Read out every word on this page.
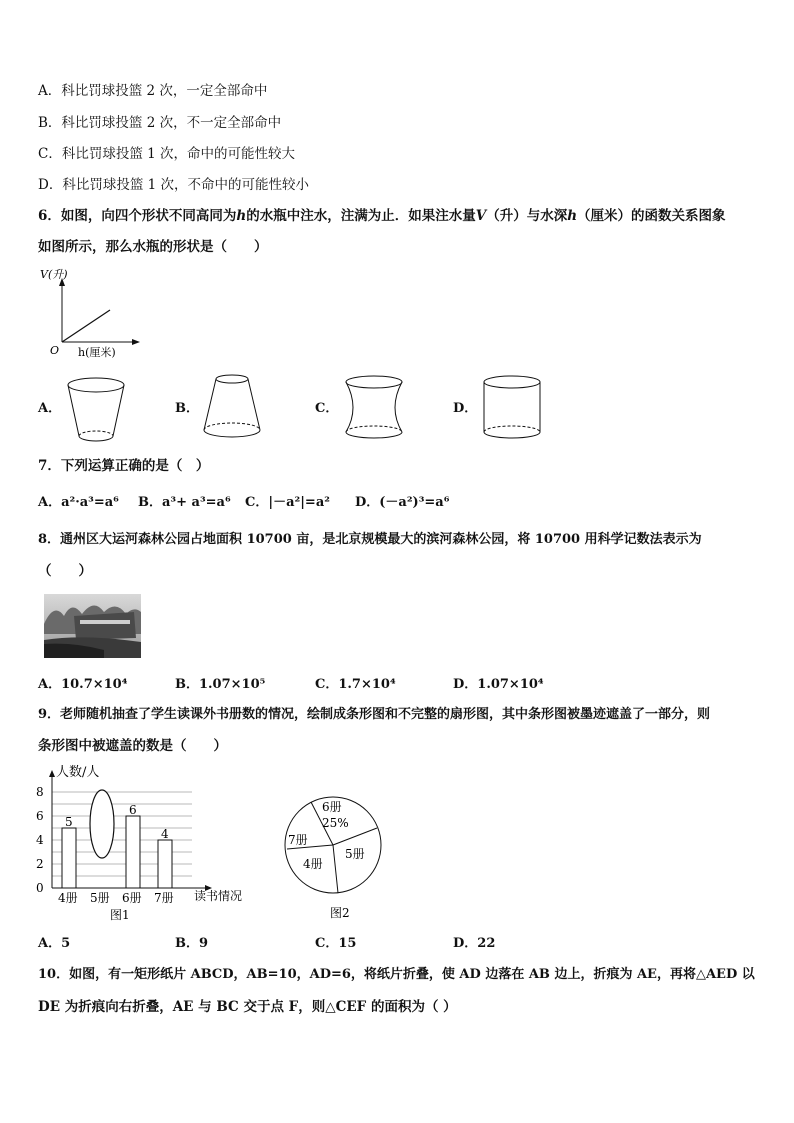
A．科比罚球投篮 2 次，一定全部命中
B．科比罚球投篮 2 次，不一定全部命中
C．科比罚球投篮 1 次，命中的可能性较大
D．科比罚球投篮 1 次，不命中的可能性较小
6．如图，向四个形状不同高同为h的水瓶中注水，注满为止．如果注水量V（升）与水深h（厘米）的函数关系图象
如图所示，那么水瓶的形状是（　　）
V(升)
O h(厘米)
A．	B．	C．	D．
7．下列运算正确的是（　）
A．a²·a³=a⁶ B．a³+ a³=a⁶ C．|－a²|=a² D．(－a²)³=a⁶
8．通州区大运河森林公园占地面积 10700 亩，是北京规模最大的滨河森林公园，将 10700 用科学记数法表示为
（　　）
A．10.7×10⁴	B．1.07×10⁵	C．1.7×10⁴	D．1.07×10⁴
9．老师随机抽查了学生读课外书册数的情况，绘制成条形图和不完整的扇形图，其中条形图被墨迹遮盖了一部分，则
条形图中被遮盖的数是（　　）
0
2
4
6
8
5
4册 5册
6
6册
4
7册
人数/人
读书情况
图1
6册
25%
5册
4册
7册
图2
A．5	B．9	C．15	D．22
10．如图，有一矩形纸片 ABCD，AB=10，AD=6，将纸片折叠，使 AD 边落在 AB 边上，折痕为 AE，再将△AED 以
DE 为折痕向右折叠，AE 与 BC 交于点 F，则△CEF 的面积为（ ）
